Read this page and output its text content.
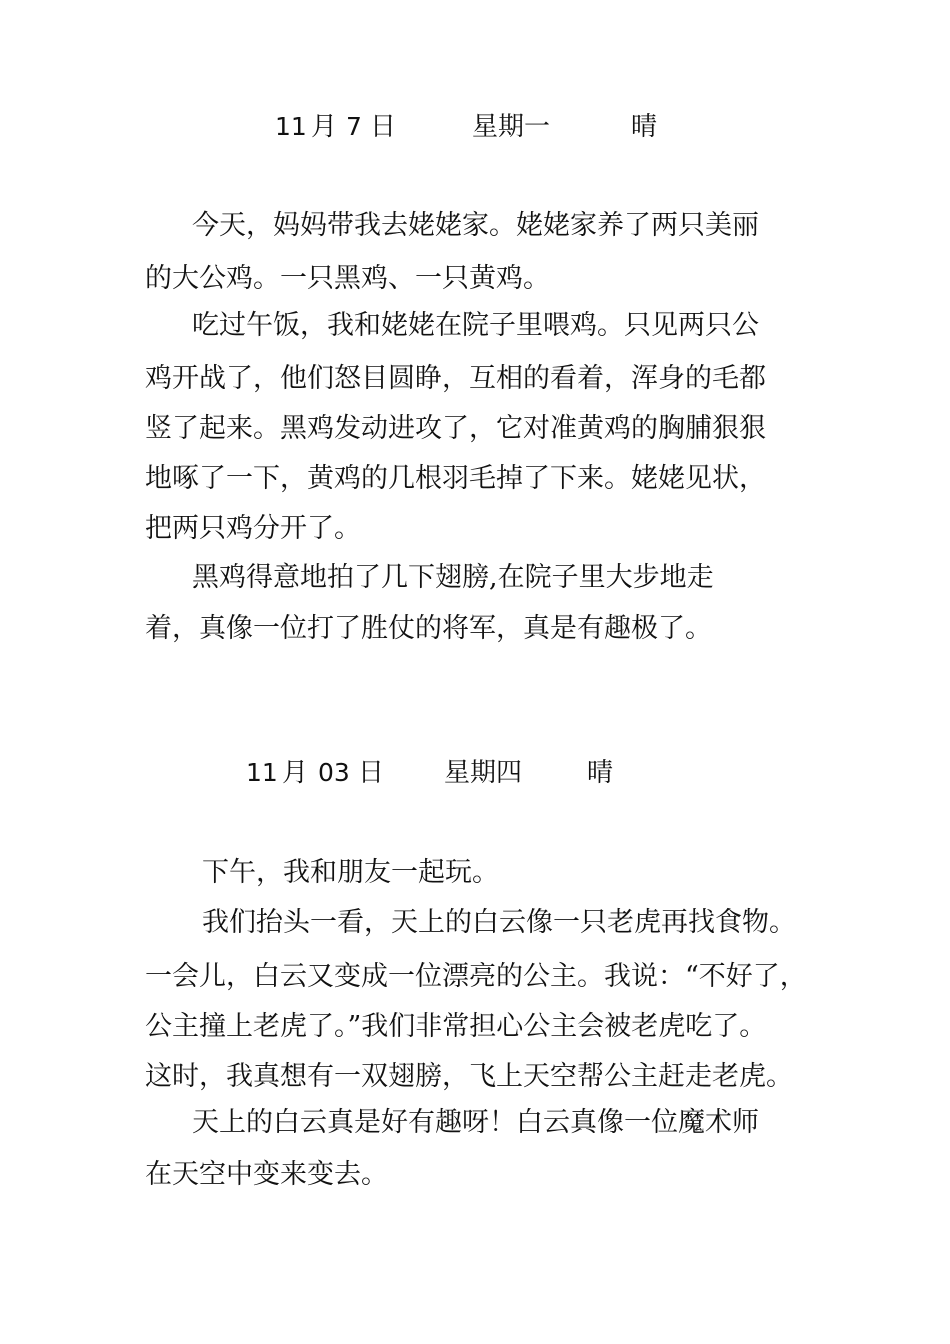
11 月 7 日	星期一	晴
　今天，妈妈带我去姥姥家。姥姥家养了两只美丽
的大公鸡。一只黑鸡、一只黄鸡。
　吃过午饭，我和姥姥在院子里喂鸡。只见两只公
鸡开战了，他们怒目圆睁，互相的看着，浑身的毛都
竖了起来。黑鸡发动进攻了，它对准黄鸡的胸脯狠狠
地啄了一下，黄鸡的几根羽毛掉了下来。姥姥见状，
把两只鸡分开了。
　黑鸡得意地拍了几下翅膀,在院子里大步地走
着，真像一位打了胜仗的将军，真是有趣极了。
11 月 03 日 星期四 晴
下午，我和朋友一起玩。
我们抬头一看，天上的白云像一只老虎再找食物。
一会儿，白云又变成一位漂亮的公主。我说：“不好了，
公主撞上老虎了。”我们非常担心公主会被老虎吃了。
这时，我真想有一双翅膀，飞上天空帮公主赶走老虎。
　天上的白云真是好有趣呀！白云真像一位魔术师
在天空中变来变去。
